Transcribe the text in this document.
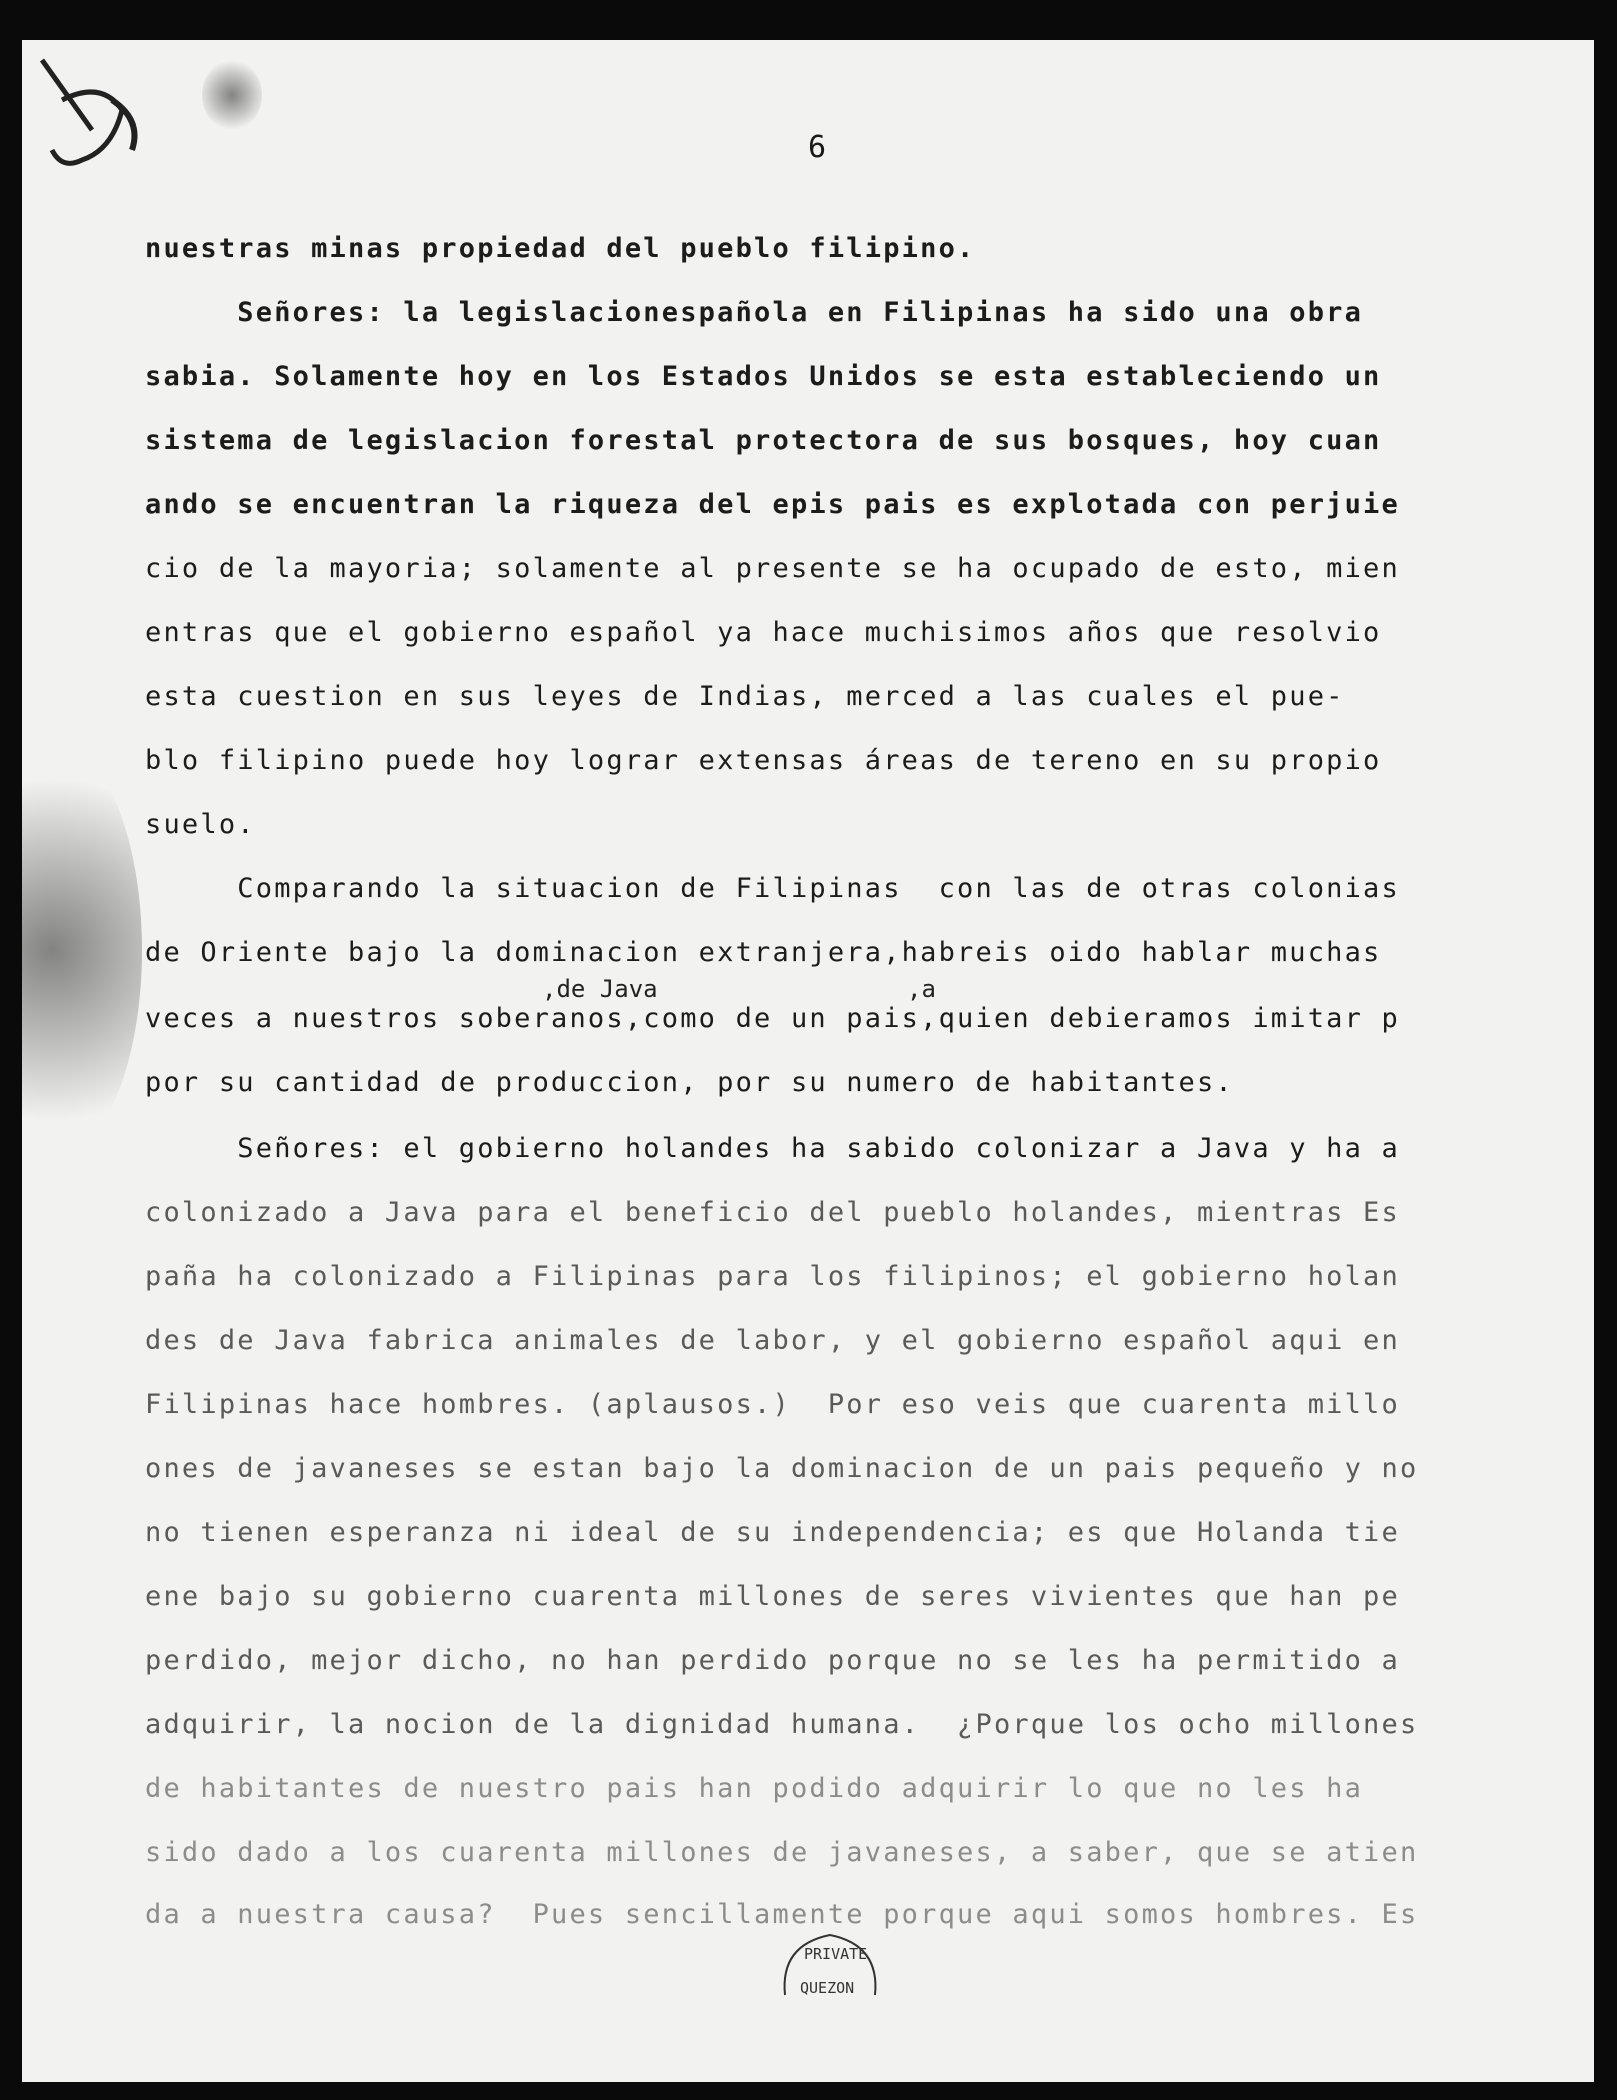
6
nuestras minas propiedad del pueblo filipino.
Señores: la legislacionespañola en Filipinas ha sido una obra
sabia. Solamente hoy en los Estados Unidos se esta estableciendo un
sistema de legislacion forestal protectora de sus bosques, hoy cuan
ando se encuentran la riqueza del epis pais es explotada con perjuie
cio de la mayoria; solamente al presente se ha ocupado de esto, mien
entras que el gobierno español ya hace muchisimos años que resolvio
esta cuestion en sus leyes de Indias, merced a las cuales el pue-
blo filipino puede hoy lograr extensas áreas de tereno en su propio
suelo.
Comparando la situacion de Filipinas  con las de otras colonias
de Oriente bajo la dominacion extranjera,habreis oido hablar muchas
,de Java	,a
veces a nuestros soberanos,como de un pais,quien debieramos imitar p
por su cantidad de produccion, por su numero de habitantes.
Señores: el gobierno holandes ha sabido colonizar a Java y ha a
colonizado a Java para el beneficio del pueblo holandes, mientras Es
paña ha colonizado a Filipinas para los filipinos; el gobierno holan
des de Java fabrica animales de labor, y el gobierno español aqui en
Filipinas hace hombres. (aplausos.)  Por eso veis que cuarenta millo
ones de javaneses se estan bajo la dominacion de un pais pequeño y no
no tienen esperanza ni ideal de su independencia; es que Holanda tie
ene bajo su gobierno cuarenta millones de seres vivientes que han pe
perdido, mejor dicho, no han perdido porque no se les ha permitido a
adquirir, la nocion de la dignidad humana.  ¿Porque los ocho millones
de habitantes de nuestro pais han podido adquirir lo que no les ha
sido dado a los cuarenta millones de javaneses, a saber, que se atien
da a nuestra causa?  Pues sencillamente porque aqui somos hombres. Es
PRIVATE
QUEZON
